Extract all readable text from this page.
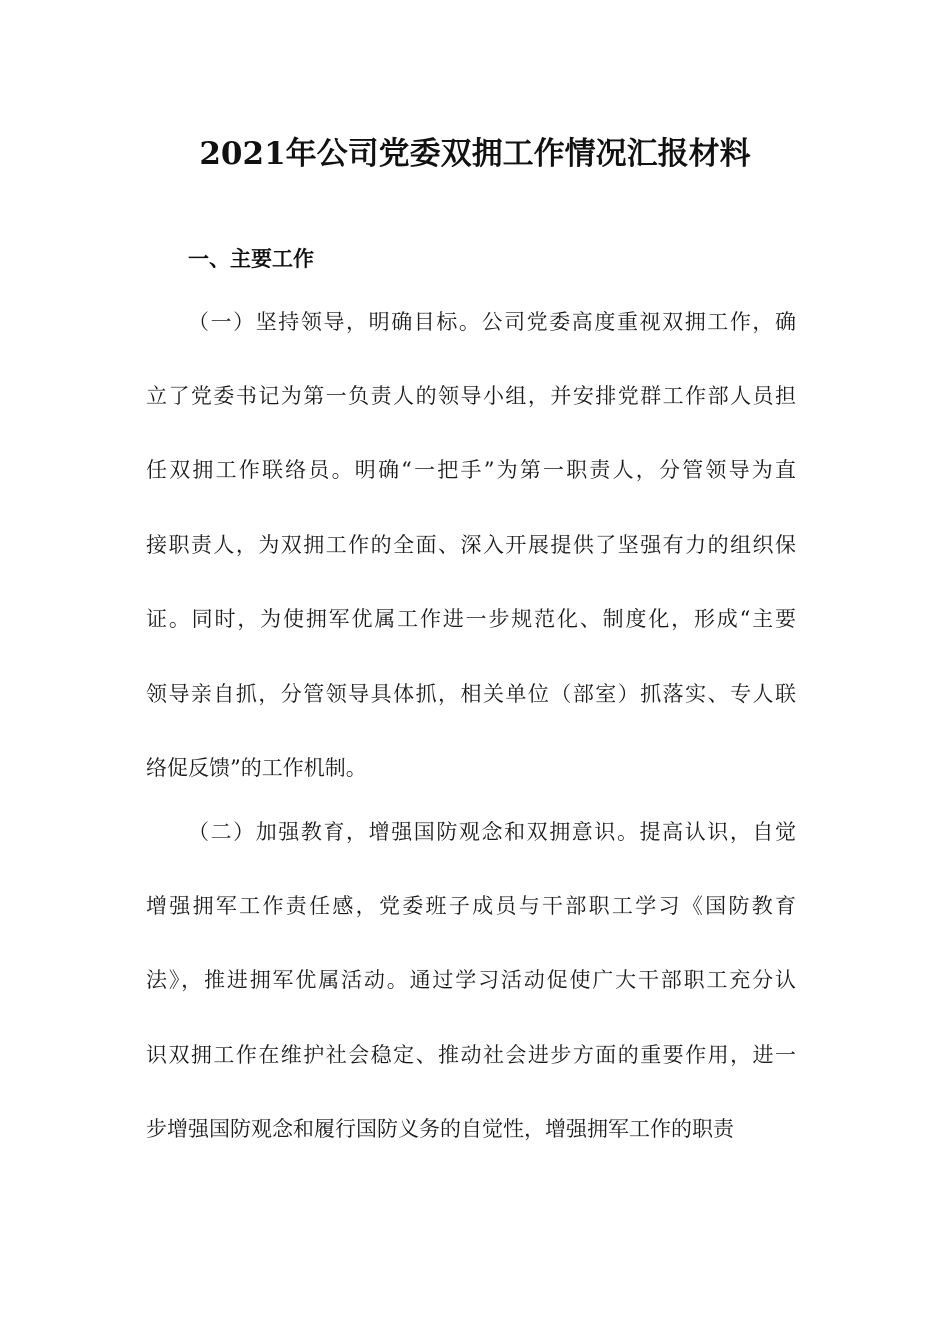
2021年公司党委双拥工作情况汇报材料
一、主要工作
（一）坚持领导，明确目标。公司党委高度重视双拥工作，确
立了党委书记为第一负责人的领导小组，并安排党群工作部人员担
任双拥工作联络员。明确“一把手”为第一职责人，分管领导为直
接职责人，为双拥工作的全面、深入开展提供了坚强有力的组织保
证。同时，为使拥军优属工作进一步规范化、制度化，形成“主要
领导亲自抓，分管领导具体抓，相关单位（部室）抓落实、专人联
络促反馈”的工作机制。
（二）加强教育，增强国防观念和双拥意识。提高认识，自觉
增强拥军工作责任感，党委班子成员与干部职工学习《国防教育
法》，推进拥军优属活动。通过学习活动促使广大干部职工充分认
识双拥工作在维护社会稳定、推动社会进步方面的重要作用，进一
步增强国防观念和履行国防义务的自觉性，增强拥军工作的职责
